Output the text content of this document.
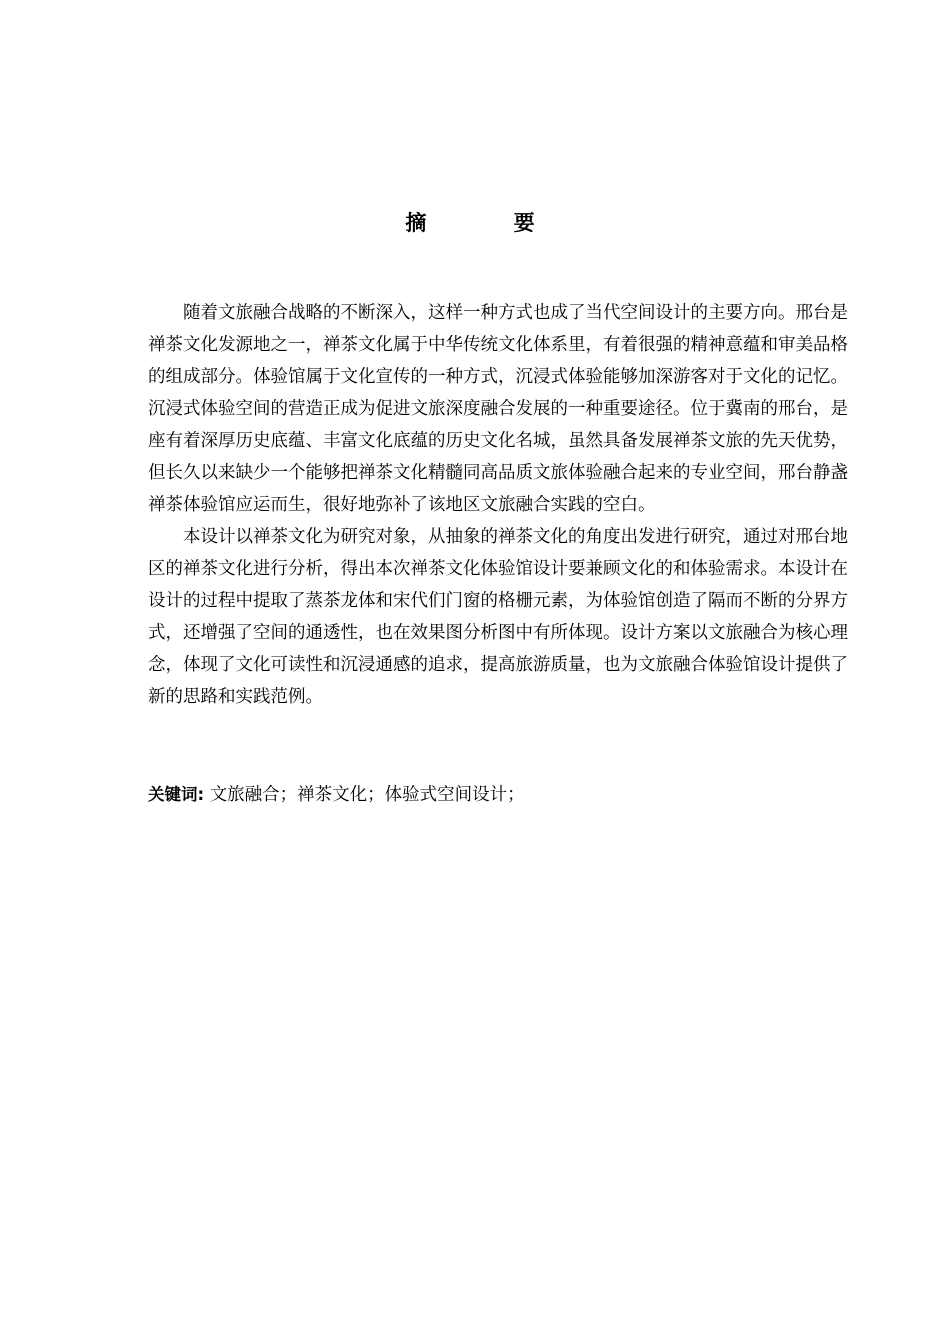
摘 要

随着文旅融合战略的不断深入，这样一种方式也成了当代空间设计的主要方向。邢台是禅茶文化发源地之一，禅茶文化属于中华传统文化体系里，有着很强的精神意蕴和审美品格的组成部分。体验馆属于文化宣传的一种方式，沉浸式体验能够加深游客对于文化的记忆。沉浸式体验空间的营造正成为促进文旅深度融合发展的一种重要途径。位于冀南的邢台，是座有着深厚历史底蕴、丰富文化底蕴的历史文化名城，虽然具备发展禅茶文旅的先天优势，但长久以来缺少一个能够把禅茶文化精髓同高品质文旅体验融合起来的专业空间，邢台静盏禅茶体验馆应运而生，很好地弥补了该地区文旅融合实践的空白。

本设计以禅茶文化为研究对象，从抽象的禅茶文化的角度出发进行研究，通过对邢台地区的禅茶文化进行分析，得出本次禅茶文化体验馆设计要兼顾文化的和体验需求。本设计在设计的过程中提取了蒸茶龙体和宋代们门窗的格栅元素，为体验馆创造了隔而不断的分界方式，还增强了空间的通透性，也在效果图分析图中有所体现。设计方案以文旅融合为核心理念，体现了文化可读性和沉浸通感的追求，提高旅游质量，也为文旅融合体验馆设计提供了新的思路和实践范例。

关键词: 文旅融合；禅茶文化；体验式空间设计；
